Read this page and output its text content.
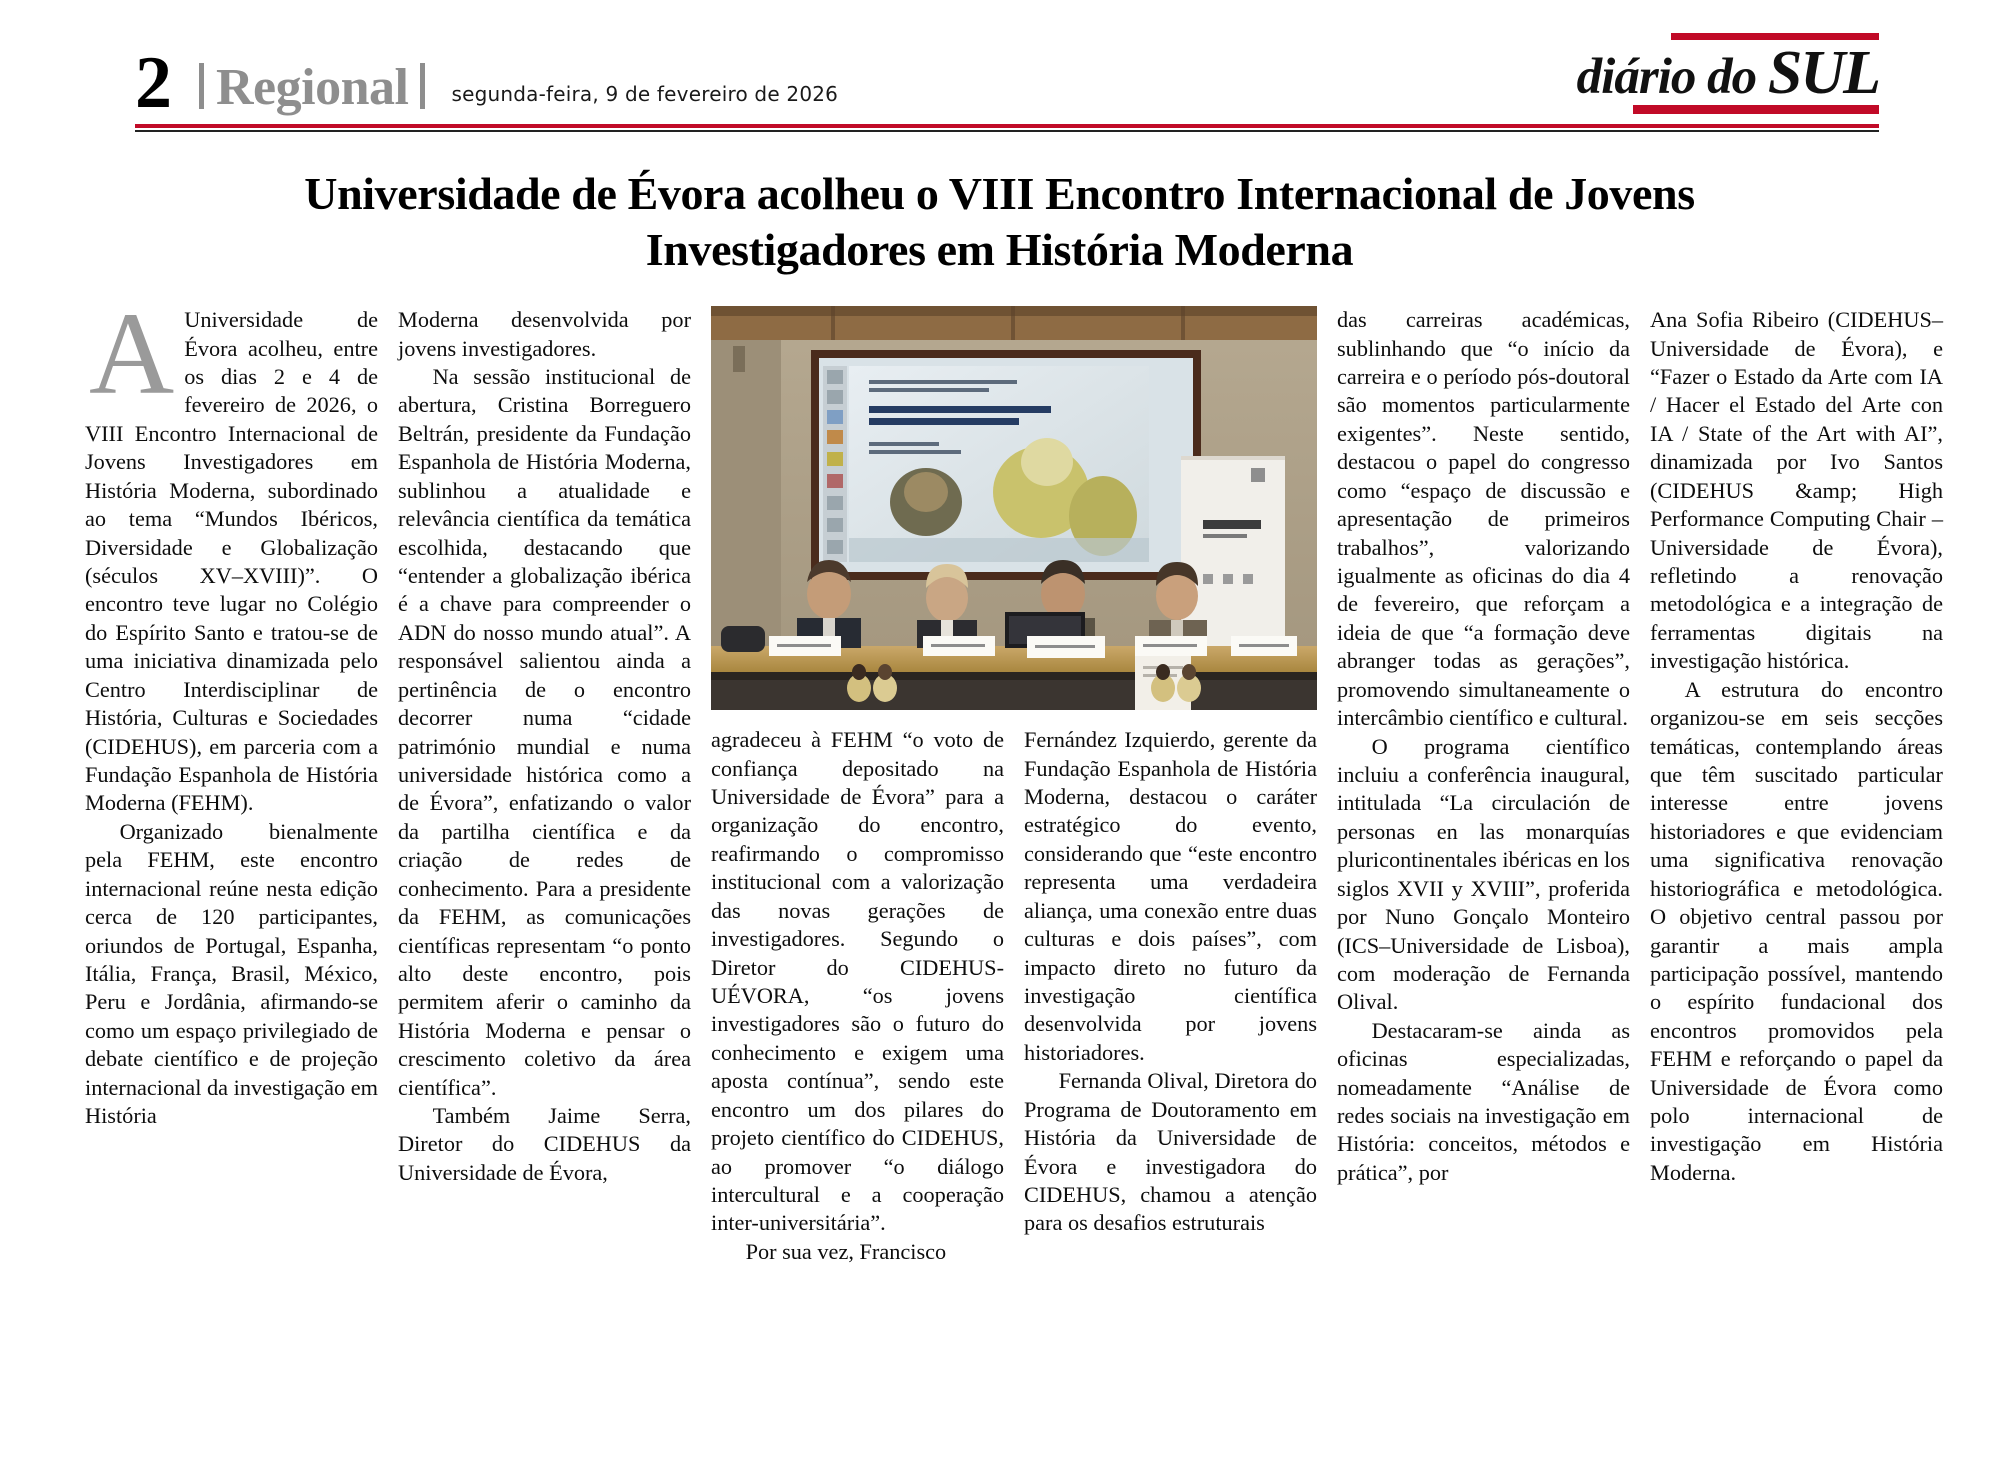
2 Regional	segunda-feira, 9 de fevereiro de 2026	diário do SUL
Universidade de Évora acolheu o VIII Encontro Internacional de Jovens Investigadores em História Moderna

A Universidade de Évora acolheu, entre os dias 2 e 4 de fevereiro de 2026, o VIII Encontro Internacional de Jovens Investigadores em História Moderna, subordinado ao tema “Mundos Ibéricos, Diversidade e Globalização (séculos XV–XVIII)”. O encontro teve lugar no Colégio do Espírito Santo e tratou-se de uma iniciativa dinamizada pelo Centro Interdisciplinar de História, Culturas e Sociedades (CIDEHUS), em parceria com a Fundação Espanhola de História Moderna (FEHM).

Organizado bienalmente pela FEHM, este encontro internacional reúne nesta edição cerca de 120 participantes, oriundos de Portugal, Espanha, Itália, França, Brasil, México, Peru e Jordânia, afirmando-se como um espaço privilegiado de debate científico e de projeção internacional da investigação em História

Moderna desenvolvida por jovens investigadores.

Na sessão institucional de abertura, Cristina Borreguero Beltrán, presidente da Fundação Espanhola de História Moderna, sublinhou a atualidade e relevância científica da temática escolhida, destacando que “entender a globalização ibérica é a chave para compreender o ADN do nosso mundo atual”. A responsável salientou ainda a pertinência de o encontro decorrer numa “cidade património mundial e numa universidade histórica como a de Évora”, enfatizando o valor da partilha científica e da criação de redes de conhecimento. Para a presidente da FEHM, as comunicações científicas representam “o ponto alto deste encontro, pois permitem aferir o caminho da História Moderna e pensar o crescimento coletivo da área científica”.

Também Jaime Serra, Diretor do CIDEHUS da Universidade de Évora,

agradeceu à FEHM “o voto de confiança depositado na Universidade de Évora” para a organização do encontro, reafirmando o compromisso institucional com a valorização das novas gerações de investigadores. Segundo o Diretor do CIDEHUS-UÉVORA, “os jovens investigadores são o futuro do conhecimento e exigem uma aposta contínua”, sendo este encontro um dos pilares do projeto científico do CIDEHUS, ao promover “o diálogo intercultural e a cooperação inter-universitária”.

Por sua vez, Francisco

Fernández Izquierdo, gerente da Fundação Espanhola de História Moderna, destacou o caráter estratégico do evento, considerando que “este encontro representa uma verdadeira aliança, uma conexão entre duas culturas e dois países”, com impacto direto no futuro da investigação científica desenvolvida por jovens historiadores.

Fernanda Olival, Diretora do Programa de Doutoramento em História da Universidade de Évora e investigadora do CIDEHUS, chamou a atenção para os desafios estruturais

das carreiras académicas, sublinhando que “o início da carreira e o período pós-doutoral são momentos particularmente exigentes”. Neste sentido, destacou o papel do congresso como “espaço de discussão e apresentação de primeiros trabalhos”, valorizando igualmente as oficinas do dia 4 de fevereiro, que reforçam a ideia de que “a formação deve abranger todas as gerações”, promovendo simultaneamente o intercâmbio científico e cultural.

O programa científico incluiu a conferência inaugural, intitulada “La circulación de personas en las monarquías pluricontinentales ibéricas en los siglos XVII y XVIII”, proferida por Nuno Gonçalo Monteiro (ICS–Universidade de Lisboa), com moderação de Fernanda Olival.

Destacaram-se ainda as oficinas especializadas, nomeadamente “Análise de redes sociais na investigação em História: conceitos, métodos e prática”, por

Ana Sofia Ribeiro (CIDEHUS–Universidade de Évora), e “Fazer o Estado da Arte com IA / Hacer el Estado del Arte con IA / State of the Art with AI”, dinamizada por Ivo Santos (CIDEHUS &amp; High Performance Computing Chair – Universidade de Évora), refletindo a renovação metodológica e a integração de ferramentas digitais na investigação histórica.

A estrutura do encontro organizou-se em seis secções temáticas, contemplando áreas que têm suscitado particular interesse entre jovens historiadores e que evidenciam uma significativa renovação historiográfica e metodológica. O objetivo central passou por garantir a mais ampla participação possível, mantendo o espírito fundacional dos encontros promovidos pela FEHM e reforçando o papel da Universidade de Évora como polo internacional de investigação em História Moderna.
